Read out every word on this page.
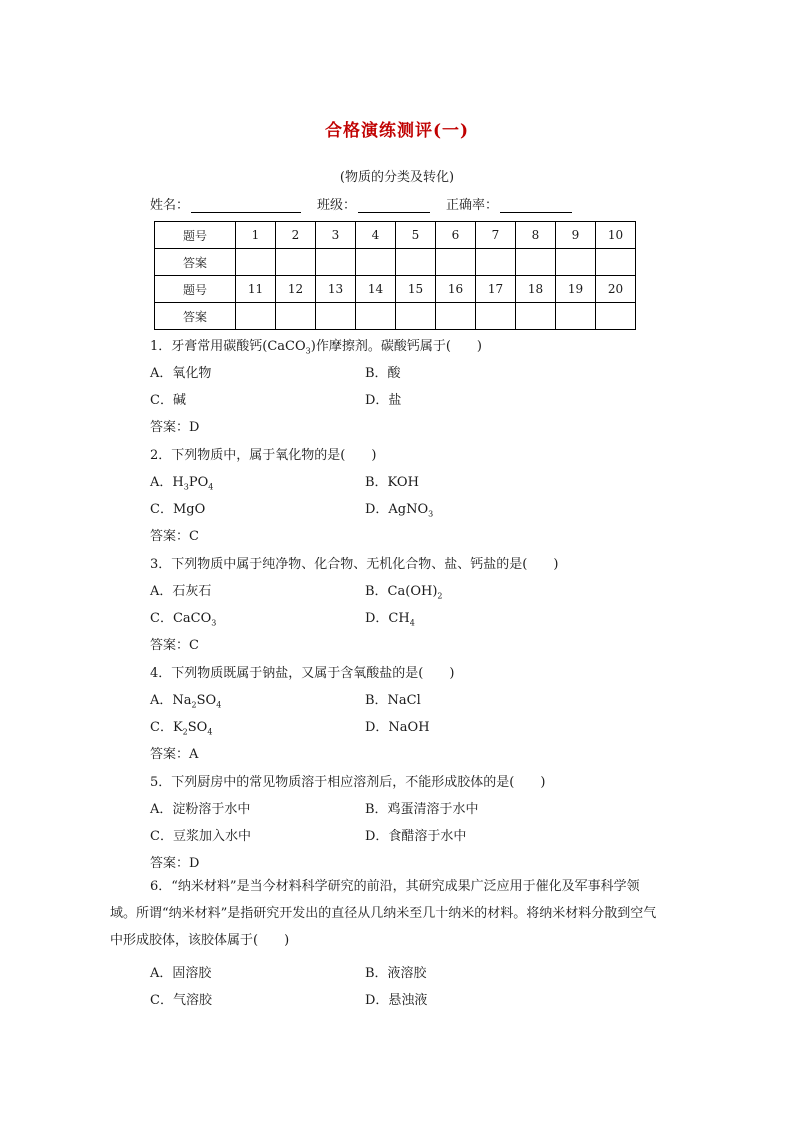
合格演练测评(一)
(物质的分类及转化)
姓名：	班级：	正确率：
题号	1	2	3	4	5	6	7	8	9	10
答案										
题号	11	12	13	14	15	16	17	18	19	20
答案										
1．牙膏常用碳酸钙(CaCO$_3$)作摩擦剂。碳酸钙属于(　　)
A．氧化物	B．酸
C．碱	D．盐
答案：D
2．下列物质中，属于氧化物的是(　　)
A．$H_3PO_4$	B．KOH
C．MgO	D．AgNO$_3$
答案：C
3．下列物质中属于纯净物、化合物、无机化合物、盐、钙盐的是(　　)
A．石灰石	B．$Ca(OH)_2$
C．CaCO$_3$	D．$CH_4$
答案：C
4．下列物质既属于钠盐，又属于含氧酸盐的是(　　)
A．$Na_2SO_4$	B．NaCl
C．$K_2SO_4$	D．NaOH
答案：A
5．下列厨房中的常见物质溶于相应溶剂后，不能形成胶体的是(　　)
A．淀粉溶于水中	B．鸡蛋清溶于水中
C．豆浆加入水中	D．食醋溶于水中
答案：D
6．“纳米材料”是当今材料科学研究的前沿，其研究成果广泛应用于催化及军事科学领域。所谓“纳米材料”是指研究开发出的直径从几纳米至几十纳米的材料。将纳米材料分散到空气中形成胶体，该胶体属于(　　)
A．固溶胶	B．液溶胶
C．气溶胶	D．悬浊液
